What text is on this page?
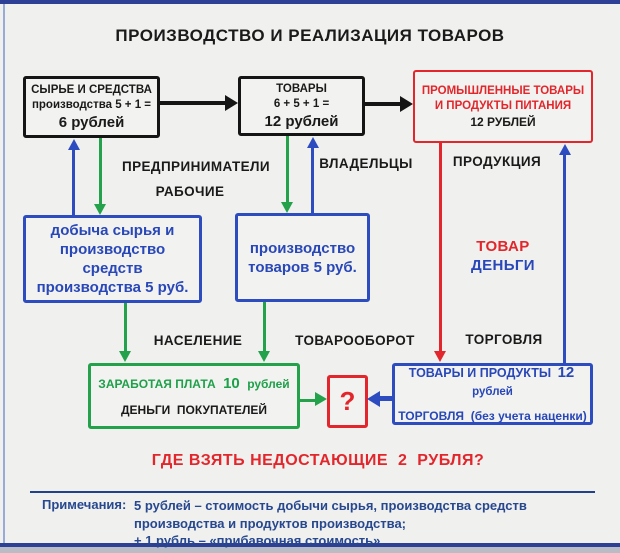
ПРОИЗВОДСТВО И РЕАЛИЗАЦИЯ ТОВАРОВ
СЫРЬЕ И СРЕДСТВА
производства 5 + 1 =
6 рублей
ТОВАРЫ
6 + 5 + 1 =
12 рублей
ПРОМЫШЛЕННЫЕ ТОВАРЫ
И ПРОДУКТЫ ПИТАНИЯ
12 РУБЛЕЙ
ПРЕДПРИНИМАТЕЛИ
РАБОЧИЕ
ВЛАДЕЛЬЦЫ	ПРОДУКЦИЯ
добыча сырья и
производство
средств
производства 5 руб.
производство
товаров 5 руб.
ТОВАР
ДЕНЬГИ
НАСЕЛЕНИЕ	ТОВАРООБОРОТ	ТОРГОВЛЯ
ЗАРАБОТАЯ ПЛАТА 10 рублей
ДЕНЬГИ  ПОКУПАТЕЛЕЙ	?
ТОВАРЫ И ПРОДУКТЫ 12 рублей
ТОРГОВЛЯ  (без учета наценки)
ГДЕ ВЗЯТЬ НЕДОСТАЮЩИЕ  2  РУБЛЯ?
Примечания: 5 рублей – стоимость добычи сырья, производства средств
производства и продуктов производства;
+ 1 рубль – «прибавочная стоимость».
